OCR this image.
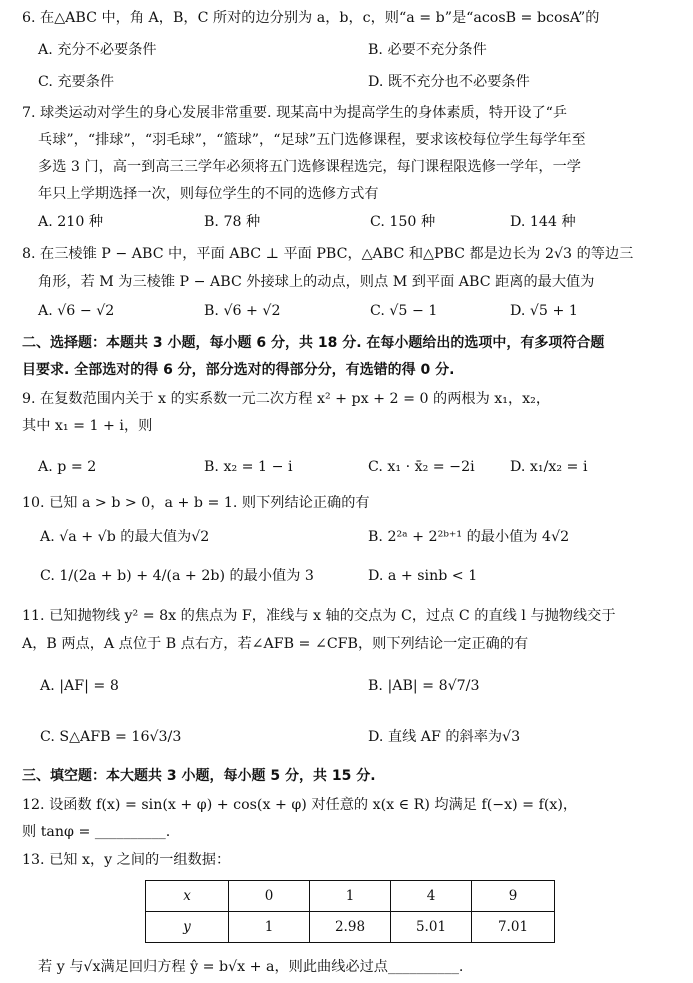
6. 在△ABC 中，角 A，B，C 所对的边分别为 a，b，c，则“a = b”是“acosB = bcosA”的
A. 充分不必要条件	B. 必要不充分条件
C. 充要条件	D. 既不充分也不必要条件
7. 球类运动对学生的身心发展非常重要. 现某高中为提高学生的身体素质，特开设了“乒
乓球”，“排球”，“羽毛球”，“篮球”，“足球”五门选修课程，要求该校每位学生每学年至
多选 3 门，高一到高三三学年必须将五门选修课程选完，每门课程限选修一学年，一学
年只上学期选择一次，则每位学生的不同的选修方式有
A. 210 种	B. 78 种	C. 150 种	D. 144 种
8. 在三棱锥 P − ABC 中，平面 ABC ⊥ 平面 PBC，△ABC 和△PBC 都是边长为 2√3 的等边三
角形，若 M 为三棱锥 P − ABC 外接球上的动点，则点 M 到平面 ABC 距离的最大值为
A. √6 − √2	B. √6 + √2	C. √5 − 1	D. √5 + 1
二、选择题：本题共 3 小题，每小题 6 分，共 18 分. 在每小题给出的选项中，有多项符合题
目要求. 全部选对的得 6 分，部分选对的得部分分，有选错的得 0 分.
9. 在复数范围内关于 x 的实系数一元二次方程 x² + px + 2 = 0 的两根为 x₁，x₂，
其中 x₁ = 1 + i，则
A. p = 2	B. x₂ = 1 − i	C. x₁ · x̄₂ = −2i D. x₁/x₂ = i
10. 已知 a > b > 0，a + b = 1. 则下列结论正确的有
A. √a + √b 的最大值为√2	B. 2²ᵃ + 2²ᵇ⁺¹ 的最小值为 4√2
C. 1/(2a + b) + 4/(a + 2b) 的最小值为 3	D. a + sinb < 1
11. 已知抛物线 y² = 8x 的焦点为 F，准线与 x 轴的交点为 C，过点 C 的直线 l 与抛物线交于
A，B 两点，A 点位于 B 点右方，若∠AFB = ∠CFB，则下列结论一定正确的有
A. |AF| = 8	B. |AB| = 8√7/3
C. S△AFB = 16√3/3	D. 直线 AF 的斜率为√3
三、填空题：本大题共 3 小题，每小题 5 分，共 15 分.
12. 设函数 f(x) = sin(x + φ) + cos(x + φ) 对任意的 x(x ∈ R) 均满足 f(−x) = f(x)，
则 tanφ = __________.
13. 已知 x，y 之间的一组数据：
x	0	1	4	9
y	1	2.98	5.01	7.01
若 y 与√x满足回归方程 ŷ = b√x + a，则此曲线必过点__________.
